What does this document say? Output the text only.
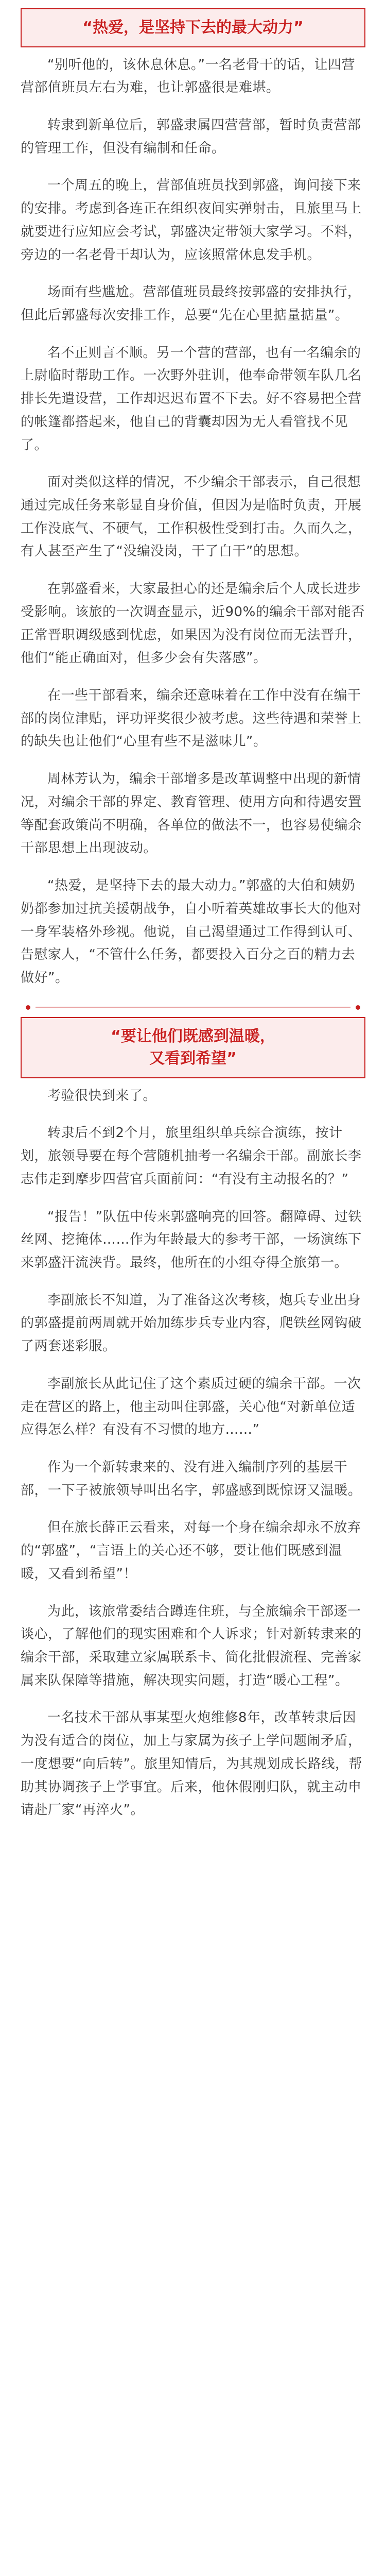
“热爱，是坚持下去的最大动力”

“别听他的，该休息休息。”一名老骨干的话，让四营营部值班员左右为难，也让郭盛很是难堪。

转隶到新单位后，郭盛隶属四营营部，暂时负责营部的管理工作，但没有编制和任命。

一个周五的晚上，营部值班员找到郭盛，询问接下来的安排。考虑到各连正在组织夜间实弹射击，且旅里马上就要进行应知应会考试，郭盛决定带领大家学习。不料，旁边的一名老骨干却认为，应该照常休息发手机。

场面有些尴尬。营部值班员最终按郭盛的安排执行，但此后郭盛每次安排工作，总要“先在心里掂量掂量”。

名不正则言不顺。另一个营的营部，也有一名编余的上尉临时帮助工作。一次野外驻训，他奉命带领车队几名排长先遣设营，工作却迟迟布置不下去。好不容易把全营的帐篷都搭起来，他自己的背囊却因为无人看管找不见了。

面对类似这样的情况，不少编余干部表示，自己很想通过完成任务来彰显自身价值，但因为是临时负责，开展工作没底气、不硬气，工作积极性受到打击。久而久之，有人甚至产生了“没编没岗，干了白干”的思想。

在郭盛看来，大家最担心的还是编余后个人成长进步受影响。该旅的一次调查显示，近90%的编余干部对能否正常晋职调级感到忧虑，如果因为没有岗位而无法晋升，他们“能正确面对，但多少会有失落感”。

在一些干部看来，编余还意味着在工作中没有在编干部的岗位津贴，评功评奖很少被考虑。这些待遇和荣誉上的缺失也让他们“心里有些不是滋味儿”。

周林芳认为，编余干部增多是改革调整中出现的新情况，对编余干部的界定、教育管理、使用方向和待遇安置等配套政策尚不明确，各单位的做法不一，也容易使编余干部思想上出现波动。

“热爱，是坚持下去的最大动力。”郭盛的大伯和姨奶奶都参加过抗美援朝战争，自小听着英雄故事长大的他对一身军装格外珍视。他说，自己渴望通过工作得到认可、告慰家人，“不管什么任务，都要投入百分之百的精力去做好”。

“要让他们既感到温暖，
又看到希望”

考验很快到来了。

转隶后不到2个月，旅里组织单兵综合演练，按计划，旅领导要在每个营随机抽考一名编余干部。副旅长李志伟走到摩步四营官兵面前问：“有没有主动报名的？”

“报告！”队伍中传来郭盛响亮的回答。翻障碍、过铁丝网、挖掩体……作为年龄最大的参考干部，一场演练下来郭盛汗流浃背。最终，他所在的小组夺得全旅第一。

李副旅长不知道，为了准备这次考核，炮兵专业出身的郭盛提前两周就开始加练步兵专业内容，爬铁丝网钩破了两套迷彩服。

李副旅长从此记住了这个素质过硬的编余干部。一次走在营区的路上，他主动叫住郭盛，关心他“对新单位适应得怎么样？有没有不习惯的地方……”

作为一个新转隶来的、没有进入编制序列的基层干部，一下子被旅领导叫出名字，郭盛感到既惊讶又温暖。

但在旅长薛正云看来，对每一个身在编余却永不放弃的“郭盛”，“言语上的关心还不够，要让他们既感到温暖，又看到希望”！

为此，该旅常委结合蹲连住班，与全旅编余干部逐一谈心，了解他们的现实困难和个人诉求；针对新转隶来的编余干部，采取建立家属联系卡、简化批假流程、完善家属来队保障等措施，解决现实问题，打造“暖心工程”。

一名技术干部从事某型火炮维修8年，改革转隶后因为没有适合的岗位，加上与家属为孩子上学问题闹矛盾，一度想要“向后转”。旅里知情后，为其规划成长路线，帮助其协调孩子上学事宜。后来，他休假刚归队，就主动申请赴厂家“再淬火”。
